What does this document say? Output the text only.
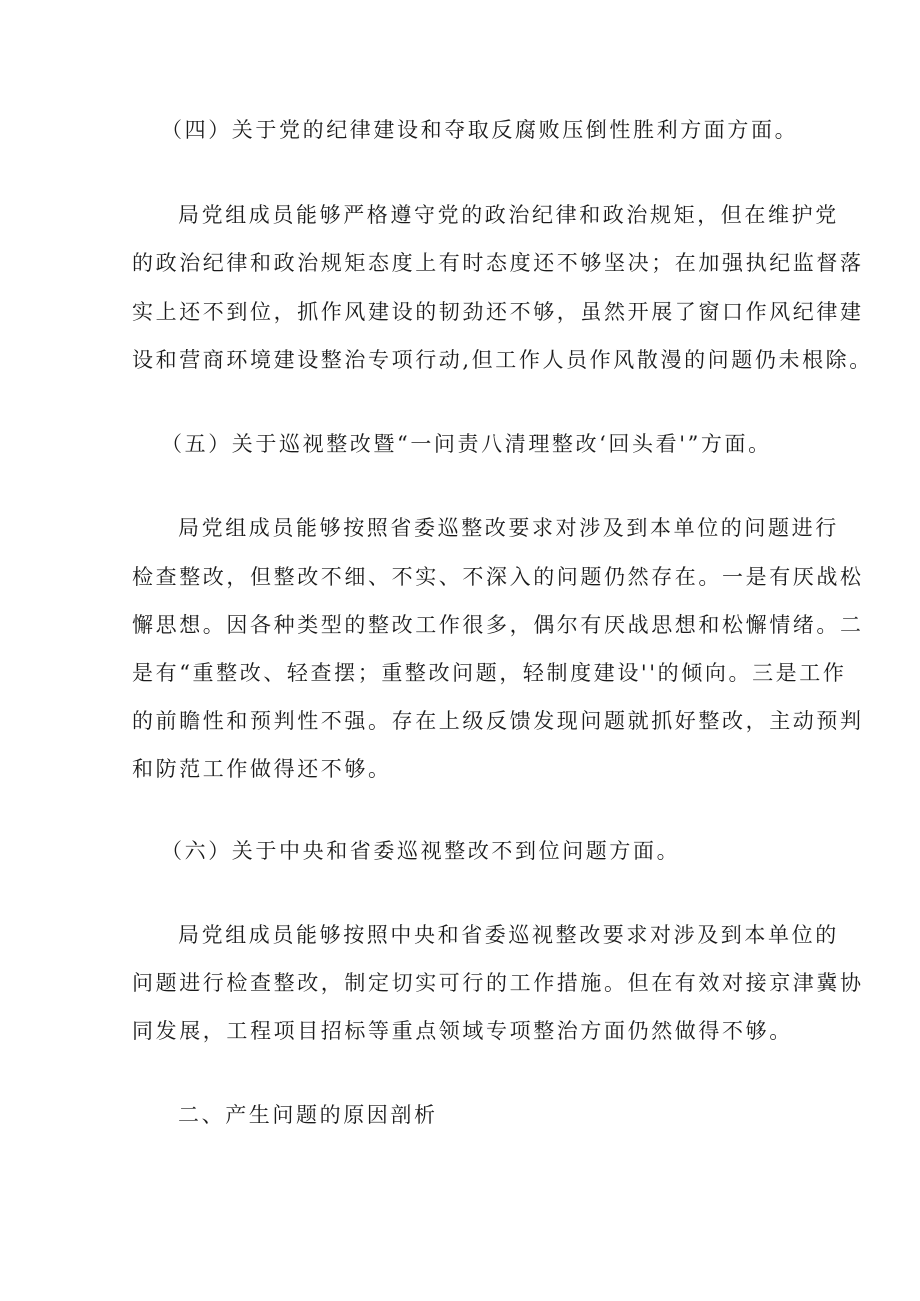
（四）关于党的纪律建设和夺取反腐败压倒性胜利方面方面。

局党组成员能够严格遵守党的政治纪律和政治规矩，但在维护党

的政治纪律和政治规矩态度上有时态度还不够坚决；在加强执纪监督落

实上还不到位，抓作风建设的韧劲还不够，虽然开展了窗口作风纪律建

设和营商环境建设整治专项行动,但工作人员作风散漫的问题仍未根除。

（五）关于巡视整改暨“一问责八清理整改‘回头看'”方面。

局党组成员能够按照省委巡整改要求对涉及到本单位的问题进行

检查整改，但整改不细、不实、不深入的问题仍然存在。一是有厌战松

懈思想。因各种类型的整改工作很多，偶尔有厌战思想和松懈情绪。二

是有“重整改、轻查摆；重整改问题，轻制度建设''的倾向。三是工作

的前瞻性和预判性不强。存在上级反馈发现问题就抓好整改，主动预判

和防范工作做得还不够。

（六）关于中央和省委巡视整改不到位问题方面。

局党组成员能够按照中央和省委巡视整改要求对涉及到本单位的

问题进行检查整改，制定切实可行的工作措施。但在有效对接京津冀协

同发展，工程项目招标等重点领域专项整治方面仍然做得不够。

二、产生问题的原因剖析
